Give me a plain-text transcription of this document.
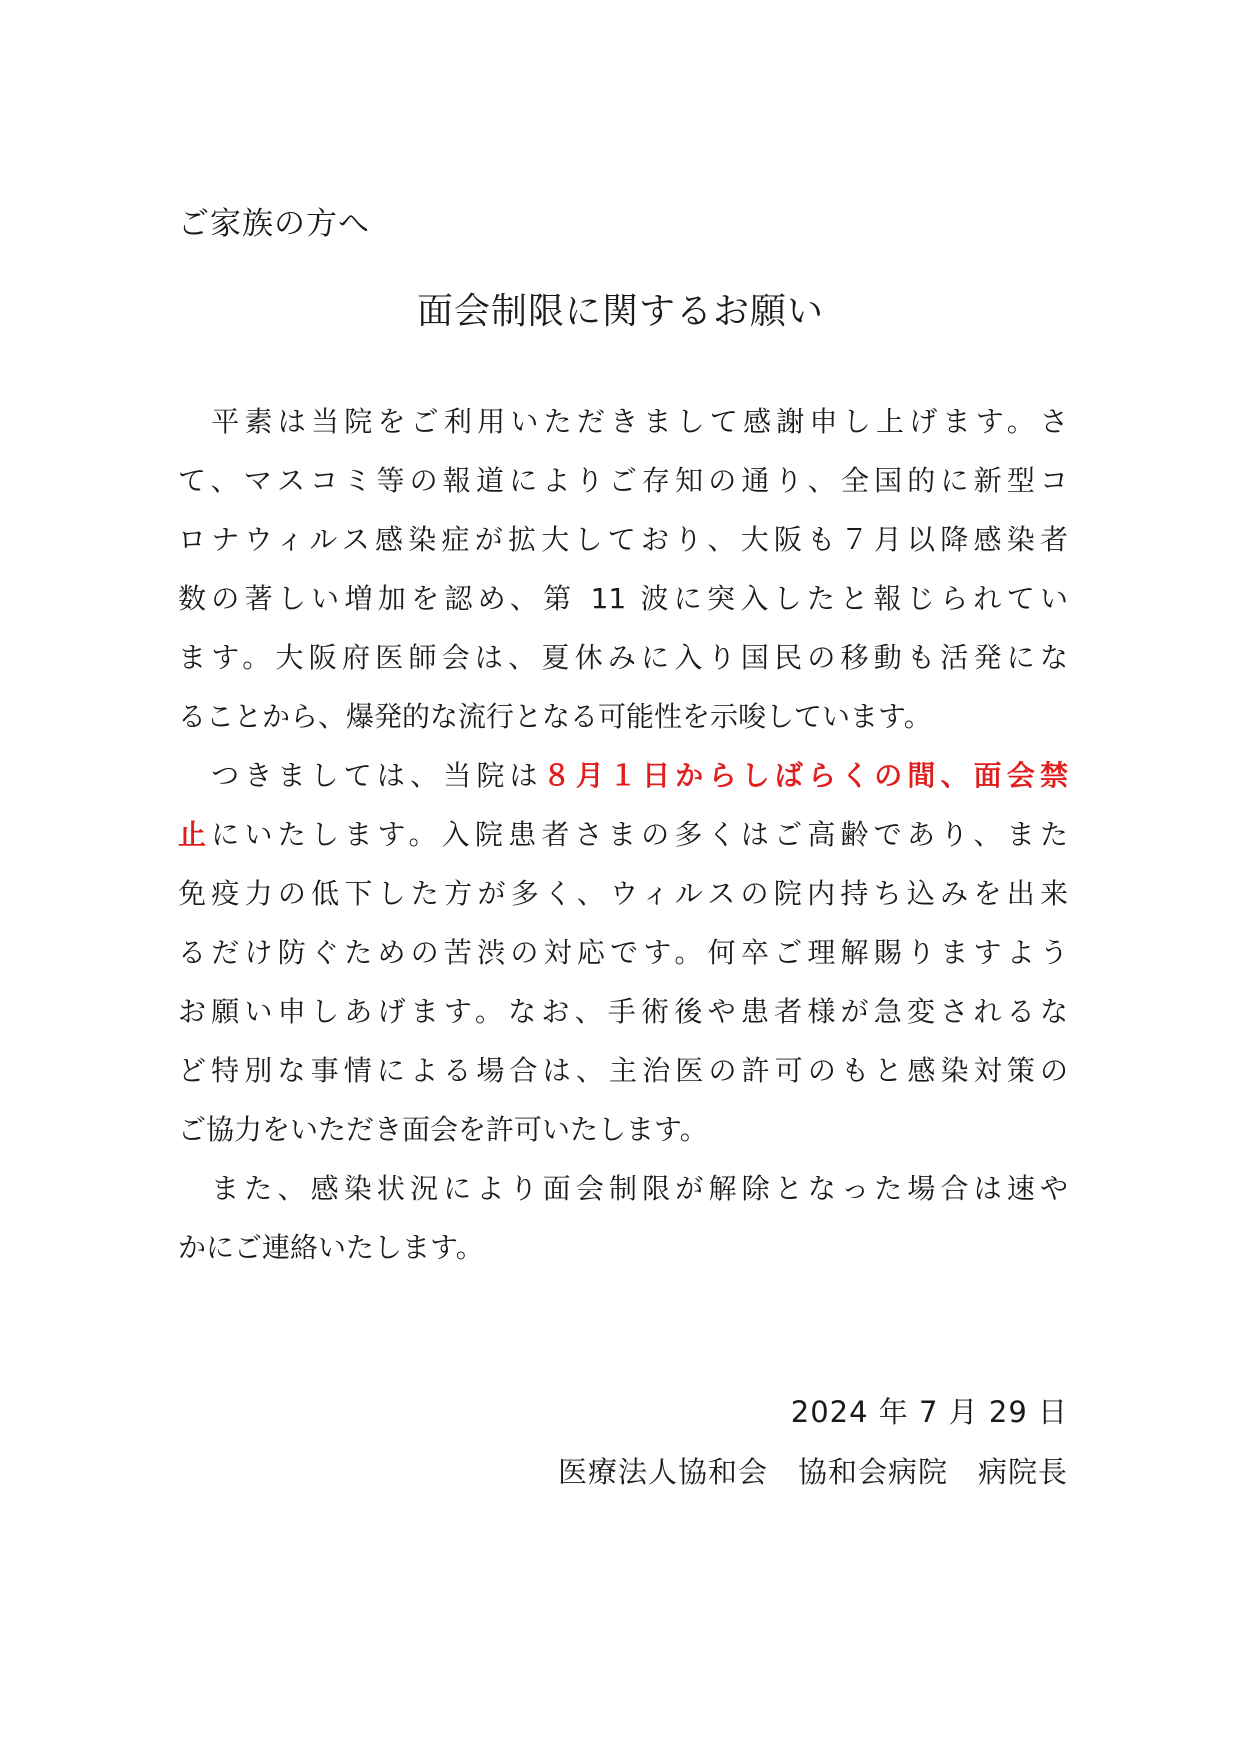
ご家族の方へ
面会制限に関するお願い
　平素は当院をご利用いただきまして感謝申し上げます。さ
て、マスコミ等の報道によりご存知の通り、全国的に新型コ
ロナウィルス感染症が拡大しており、大阪も７月以降感染者
数の著しい増加を認め、第 11 波に突入したと報じられてい
ます。大阪府医師会は、夏休みに入り国民の移動も活発にな
ることから、爆発的な流行となる可能性を示唆しています。
　つきましては、当院は８月１日からしばらくの間、面会禁
止にいたします。入院患者さまの多くはご高齢であり、また
免疫力の低下した方が多く、ウィルスの院内持ち込みを出来
るだけ防ぐための苦渋の対応です。何卒ご理解賜りますよう
お願い申しあげます。なお、手術後や患者様が急変されるな
ど特別な事情による場合は、主治医の許可のもと感染対策の
ご協力をいただき面会を許可いたします。
　また、感染状況により面会制限が解除となった場合は速や
かにご連絡いたします。
2024 年 7 月 29 日
医療法人協和会　協和会病院　病院長
